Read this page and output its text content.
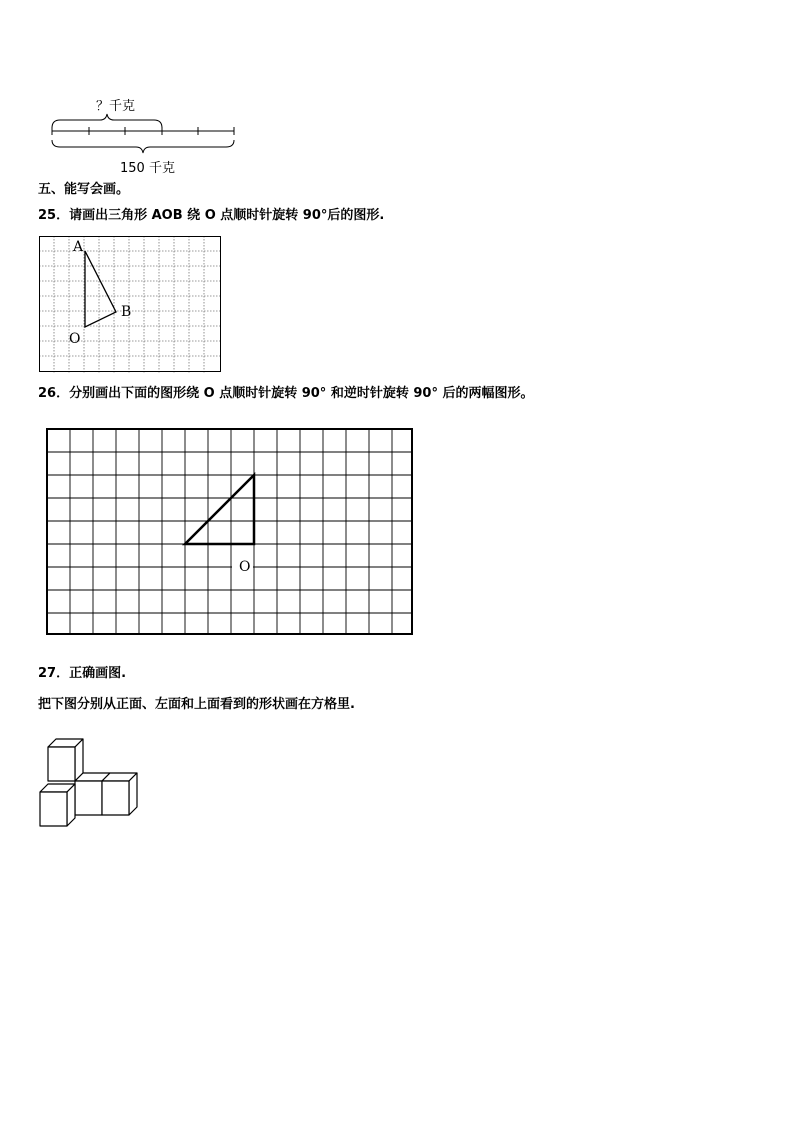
？千克
150 千克
五、能写会画。
25．请画出三角形 AOB 绕 O 点顺时针旋转 90°后的图形.
A
B
O
26．分别画出下面的图形绕 O 点顺时针旋转 90° 和逆时针旋转 90° 后的两幅图形。
O
27．正确画图.
把下图分别从正面、左面和上面看到的形状画在方格里.
